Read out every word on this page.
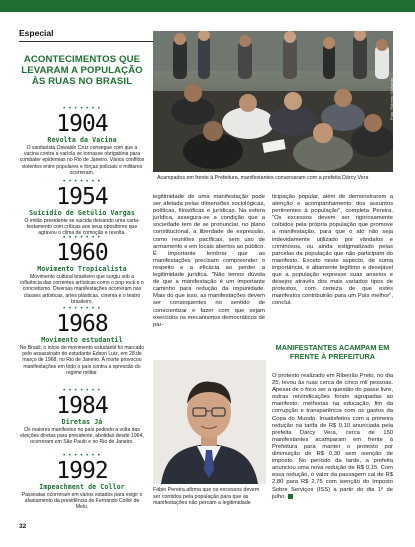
Especial
ACONTECIMENTOS QUE LEVARAM A POPULAÇÃO ÀS RUAS NO BRASIL
• • • • • • •
1904
Revolta da Vacina
O sanitarista Oswaldo Cruz consegue com que a vacina contra a varíola se tornasse obrigatória para combater epidemias no Rio de Janeiro. Vários conflitos violentos entre populares e forças policiais e militares ocorreram.
• • • • • • •
1954
Suicídio de Getúlio Vargas
O então presidente se suicida deixando uma carta-testamento com críticas aos seus opositores que agravou o clima de comoção e revolta.
• • • • • • •
1960
Movimento Tropicalista
Movimento cultural brasileiro que surgiu sob a influência das correntes artísticas como o pop-rock e o concretismo. Diversas manifestações ocorreram nas classes artísticas, artes plásticas, cinema e o teatro brasileiro.
• • • • • • •
1968
Movimento estudantil
No Brasil, o início do movimento estudantil foi marcado pelo assassinato do estudante Edson Luiz, em 28 de março de 1968, no Rio de Janeiro. A morte provocou manifestações em todo o país contra a opressão do regime militar.
• • • • • • •
1984
Diretas Já
Os maiores manifestos no país pedindo a volta das eleições diretas para presidente, abolidas desde 1964, ocorreram em São Paulo e no Rio de Janeiro.
• • • • • • •
1992
Impeachment de Collor
Passeatas ocorreram em vários estados para exigir o afastamento da presidência de Fernando Collor de Melo.
Acampados em frente à Prefeitura, manifestantes conversaram com a prefeita Dárcy Vera
Foto: Roberto Galhardo
legitimidade de uma manifestação pode ser afetada pelas dimensões sociológicas, políticas, filosóficas e jurídicas. Na esfera jurídica, assegura-se a condição que a sociedade tem de se pronunciar, no plano constitucional, a liberdade de expressão, como reuniões pacíficas, sem uso de armamento e em locais abertos ao público. É importante lembrar que as manifestações precisam compreender o respeito e a eficácia ao perder a legitimidade jurídica. "Não temos dúvida de que a manifestação é um importante caminho para redução da impunidade. Mais do que isso, as manifestações devem ser consequentes no sentido de conscientizar e fazer com que sejam exercidos os mecanismos democráticos de par-
ticipação popular, além de demonstrarem a atenção e acompanhamento dos assuntos pertinentes à população", completa Pereira. "Os excessos devem ser rigorosamente coibidos pela própria população que promove a manifestação, para que o ato não seja indevidamente utilizado por vândalos e criminosos, ou ainda estigmatizado pelas parcelas da população que não participam do manifesto. Exceto neste aspecto, de suma importância, é altamente legítimo e desejável que a população expresse suas anseios e desejos através dos mais variados tipos de protestos, com certeza de que estes manifestos contribuirão para um País melhor", conclui.
MANIFESTANTES ACAMPAM EM FRENTE À PREFEITURA
O protesto realizado em Ribeirão Preto, no dia 25, levou às ruas cerca de cinco mil pessoas. Apesar de o foco ser a questão do passe livre, outras reivindicações foram agrupadas ao manifesto: melhorias na educação, fim da corrupção e transparência com os gastos da Copa do Mundo. Insatisfeitos com a primeira redução na tarifa de R$ 0,10 anunciada pela prefeita Dárcy Vera, cerca de 150 manifestantes acamparam em frente à Prefeitura para manter o protesto por diminuição de R$ 0,30 sem isenção de imposto. No período da tarde, a prefeita anunciou uma nova redução de R$ 0,15. Com essa redução, o valor da passagem cai de R$ 2,80 para R$ 2,75 com isenção do Imposto Sobre Serviços (ISS) a partir do dia 1º de julho.
Fábio Pereira afirma que os excessos devem ser contidos pela população para que as manifestações não percam a legitimidade
32
